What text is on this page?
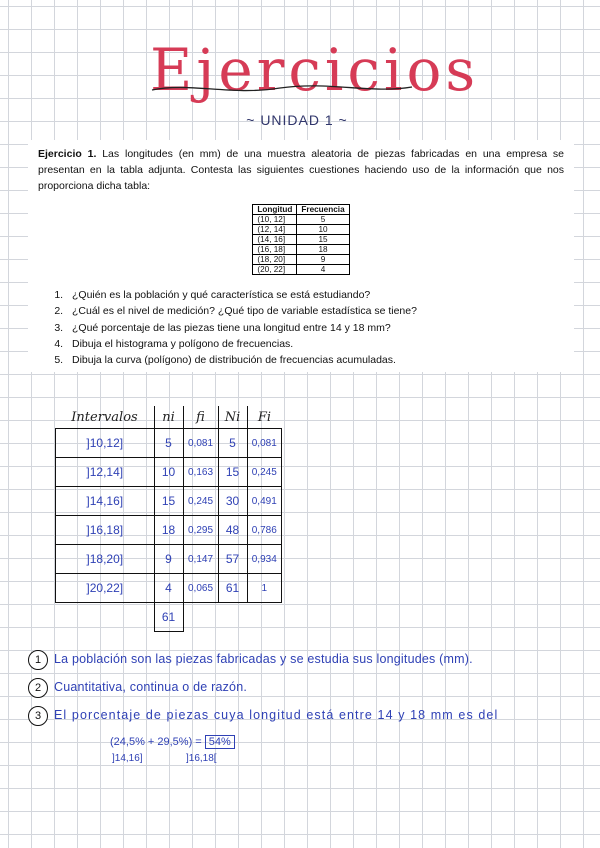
Ejercicios
~ UNIDAD 1 ~

Ejercicio 1. Las longitudes (en mm) de una muestra aleatoria de piezas fabricadas en una empresa se presentan en la tabla adjunta. Contesta las siguientes cuestiones haciendo uso de la información que nos proporciona dicha tabla:

Longitud	Frecuencia
(10, 12]	5
(12, 14]	10
(14, 16]	15
(16, 18]	18
(18, 20]	9
(20, 22]	4
1. ¿Quién es la población y qué característica se está estudiando?
2. ¿Cuál es el nivel de medición? ¿Qué tipo de variable estadística se tiene?
3. ¿Qué porcentaje de las piezas tiene una longitud entre 14 y 18 mm?
4. Dibuja el histograma y polígono de frecuencias.
5. Dibuja la curva (polígono) de distribución de frecuencias acumuladas.
Intervalos	ni	fi	Ni	Fi
]10,12]	5	0,081	5	0,081
]12,14]	10	0,163	15	0,245
]14,16]	15	0,245	30	0,491
]16,18]	18	0,295	48	0,786
]18,20]	9	0,147	57	0,934
]20,22]	4	0,065	61	1
	61			
1	La población son las piezas fabricadas y se estudia sus longitudes (mm).
2	Cuantitativa, continua o de razón.
3	El porcentaje de piezas cuya longitud está entre 14 y 18 mm es del
(24,5% + 29,5%) = 54%
]14,16]	]16,18[
